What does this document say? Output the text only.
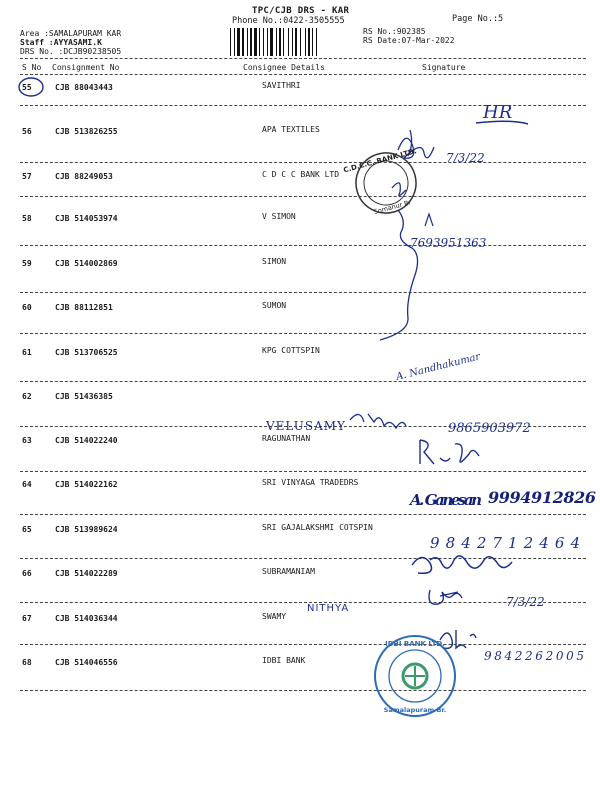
TPC/CJB DRS - KAR
Phone No.:0422-3505555	Page No.:5
Area :SAMALAPURAM KAR
Staff :AYYASAMI.K
DRS No. :DCJB90238505
RS No.:902385
RS Date:07-Mar-2022
S No Consignment No	Consignee Details	Signature
55	CJB 88043443	SAVITHRI
56	CJB 513826255	APA TEXTILES
57	CJB 88249053	C D C C BANK LTD
58	CJB 514053974	V SIMON
59	CJB 514002869	SIMON
60	CJB 88112851	SUMON
61	CJB 513706525	KPG COTTSPIN
62	CJB 51436385
63	CJB 514022240	RAGUNATHAN
64	CJB 514022162	SRI VINYAGA TRADEDRS
65	CJB 513989624	SRI GAJALAKSHMI COTSPIN
66	CJB 514022289	SUBRAMANIAM
67	CJB 514036344	SWAMY
68	CJB 514046556	IDBI BANK
HR
7/3/22
C.D.C.C. BANK LTD.
Somanur Br
7693951363
A. Nandhakumar
VELUSAMY	9865903972
A. Ganesan 9994912826
9842712464
NITHYA	7/3/22
IDBI BANK LTD.
Samalapuram Br.
9842262005
